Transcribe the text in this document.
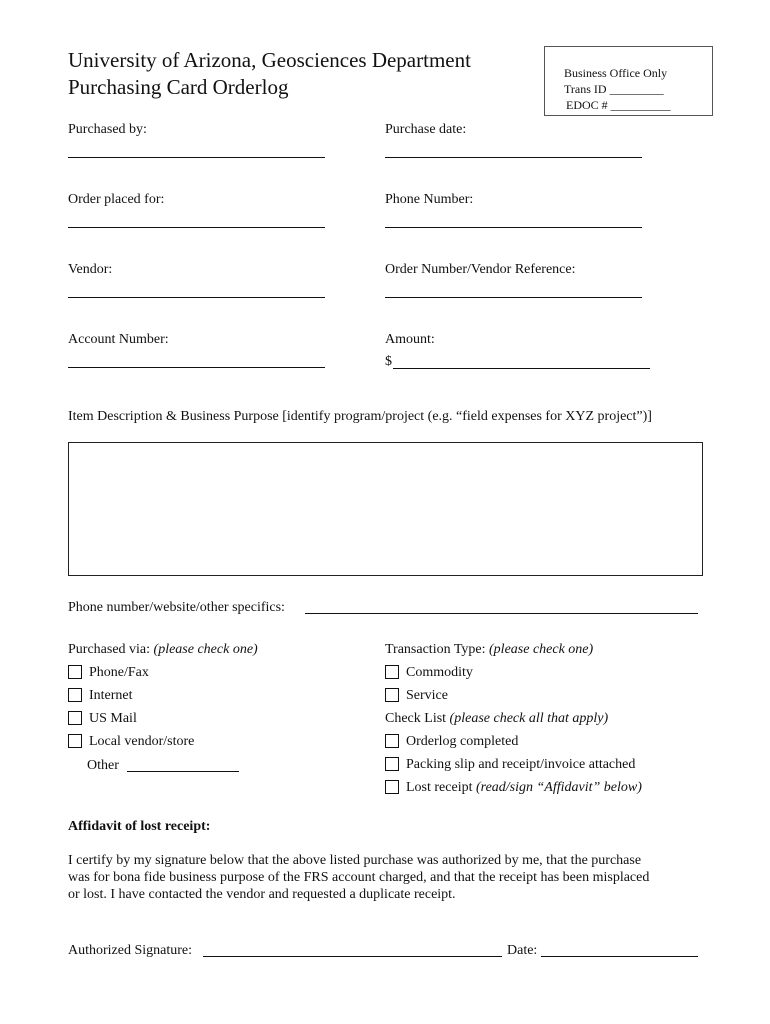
University of Arizona, Geosciences Department
Purchasing Card Orderlog
Business Office Only
Trans ID _________
EDOC # __________
Purchased by:	Purchase date:
Order placed for:	Phone Number:
Vendor:	Order Number/Vendor Reference:
Account Number:	Amount:
$
Item Description & Business Purpose [identify program/project (e.g. “field expenses for XYZ project”)]
Phone number/website/other specifics:
Purchased via: (please check one)
Phone/Fax
Internet
US Mail
Local vendor/store
Other
Transaction Type: (please check one)
Commodity
Service
Check List (please check all that apply)
Orderlog completed
Packing slip and receipt/invoice attached
Lost receipt (read/sign “Affidavit” below)
Affidavit of lost receipt:
I certify by my signature below that the above listed purchase was authorized by me, that the purchase
was for bona fide business purpose of the FRS account charged, and that the receipt has been misplaced
or lost. I have contacted the vendor and requested a duplicate receipt.
Authorized Signature:	Date:
